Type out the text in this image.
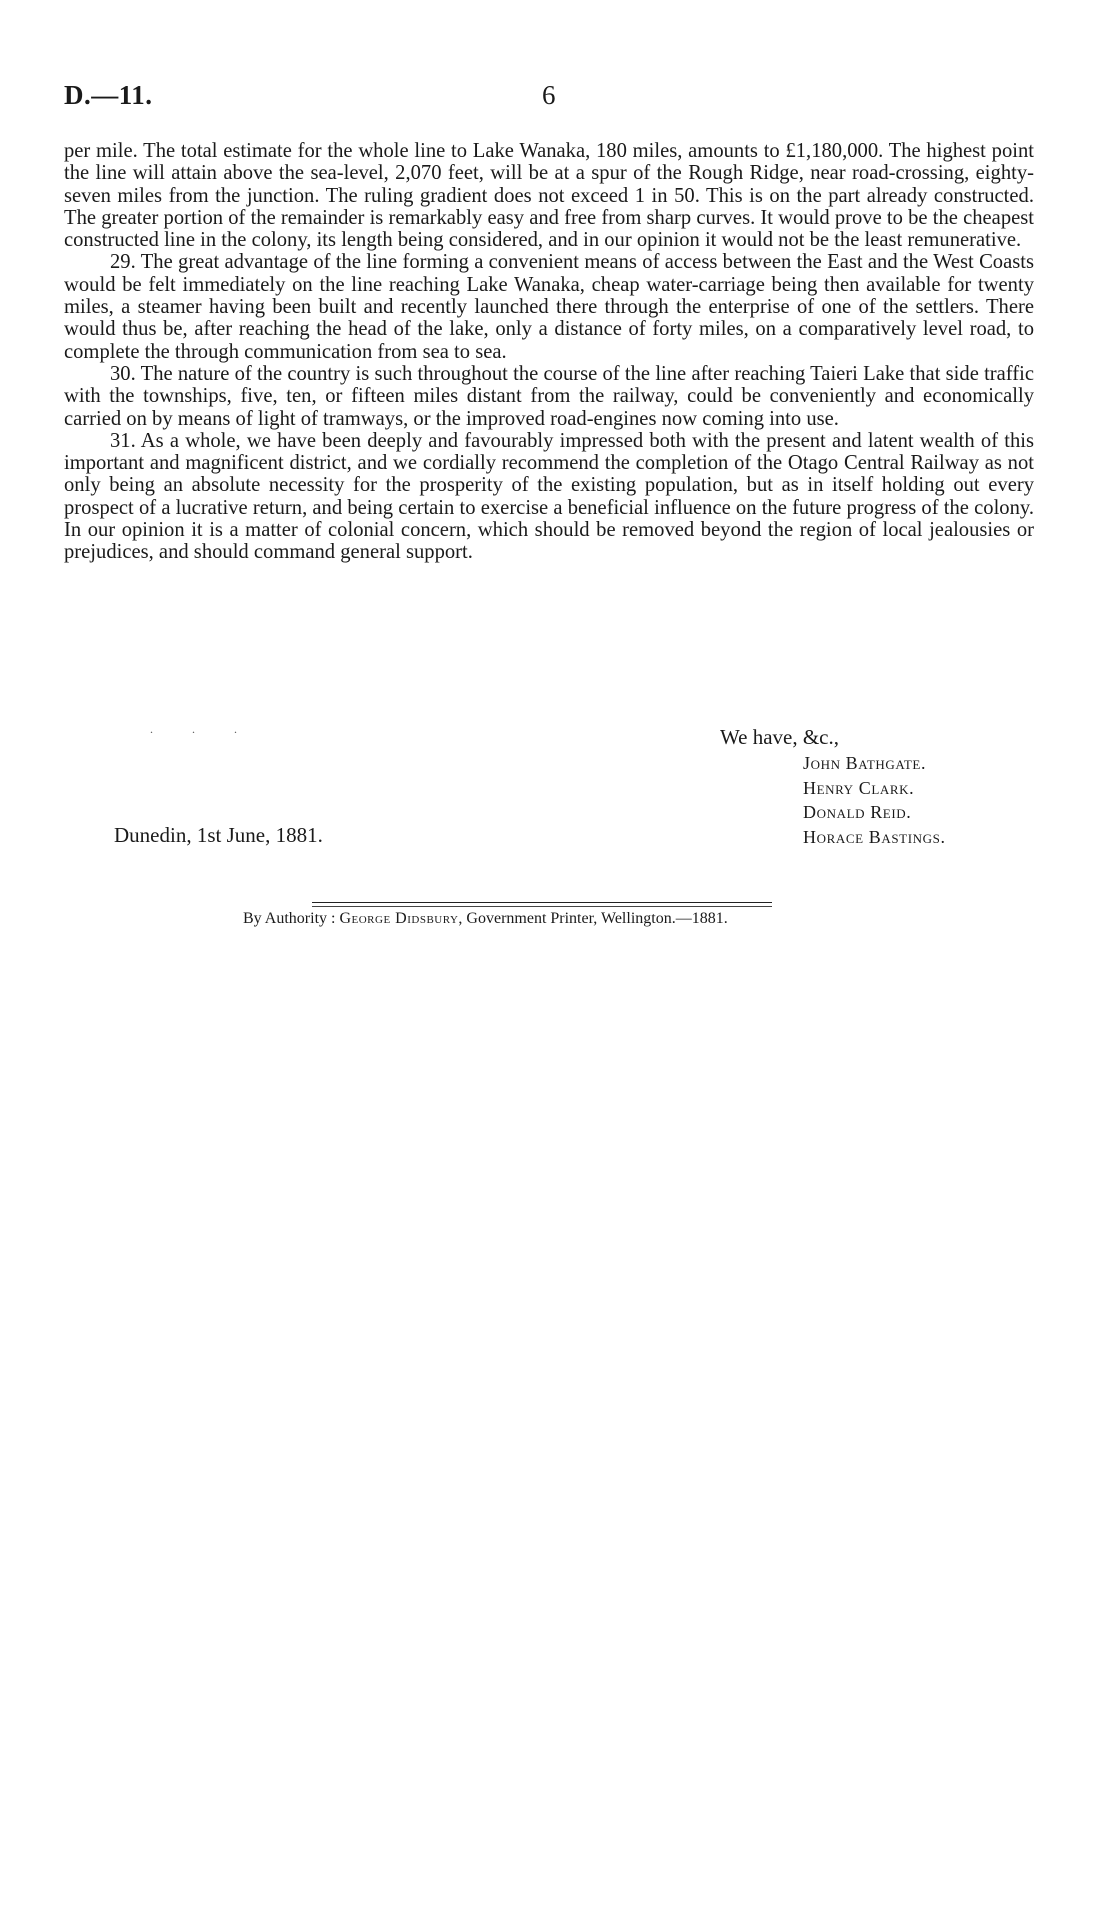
D.—11.	6

per mile. The total estimate for the whole line to Lake Wanaka, 180 miles, amounts to £1,180,000. The highest point the line will attain above the sea-level, 2,070 feet, will be at a spur of the Rough Ridge, near road-crossing, eighty-seven miles from the junction. The ruling gradient does not exceed 1 in 50. This is on the part already constructed. The greater portion of the remainder is remarkably easy and free from sharp curves. It would prove to be the cheapest constructed line in the colony, its length being considered, and in our opinion it would not be the least remunerative.

29. The great advantage of the line forming a convenient means of access between the East and the West Coasts would be felt immediately on the line reaching Lake Wanaka, cheap water-carriage being then available for twenty miles, a steamer having been built and recently launched there through the enterprise of one of the settlers. There would thus be, after reaching the head of the lake, only a distance of forty miles, on a comparatively level road, to complete the through communication from sea to sea.

30. The nature of the country is such throughout the course of the line after reaching Taieri Lake that side traffic with the townships, five, ten, or fifteen miles distant from the railway, could be conveniently and economically carried on by means of light of tramways, or the improved road-engines now coming into use.

31. As a whole, we have been deeply and favourably impressed both with the present and latent wealth of this important and magnificent district, and we cordially recommend the completion of the Otago Central Railway as not only being an absolute necessity for the prosperity of the existing population, but as in itself holding out every prospect of a lucrative return, and being certain to exercise a beneficial influence on the future progress of the colony. In our opinion it is a matter of colonial concern, which should be removed beyond the region of local jealousies or prejudices, and should command general support.

. . .	We have, &c.,
John Bathgate.
Henry Clark.
Donald Reid.
Horace Bastings.
Dunedin, 1st June, 1881.
By Authority : George Didsbury, Government Printer, Wellington.—1881.
